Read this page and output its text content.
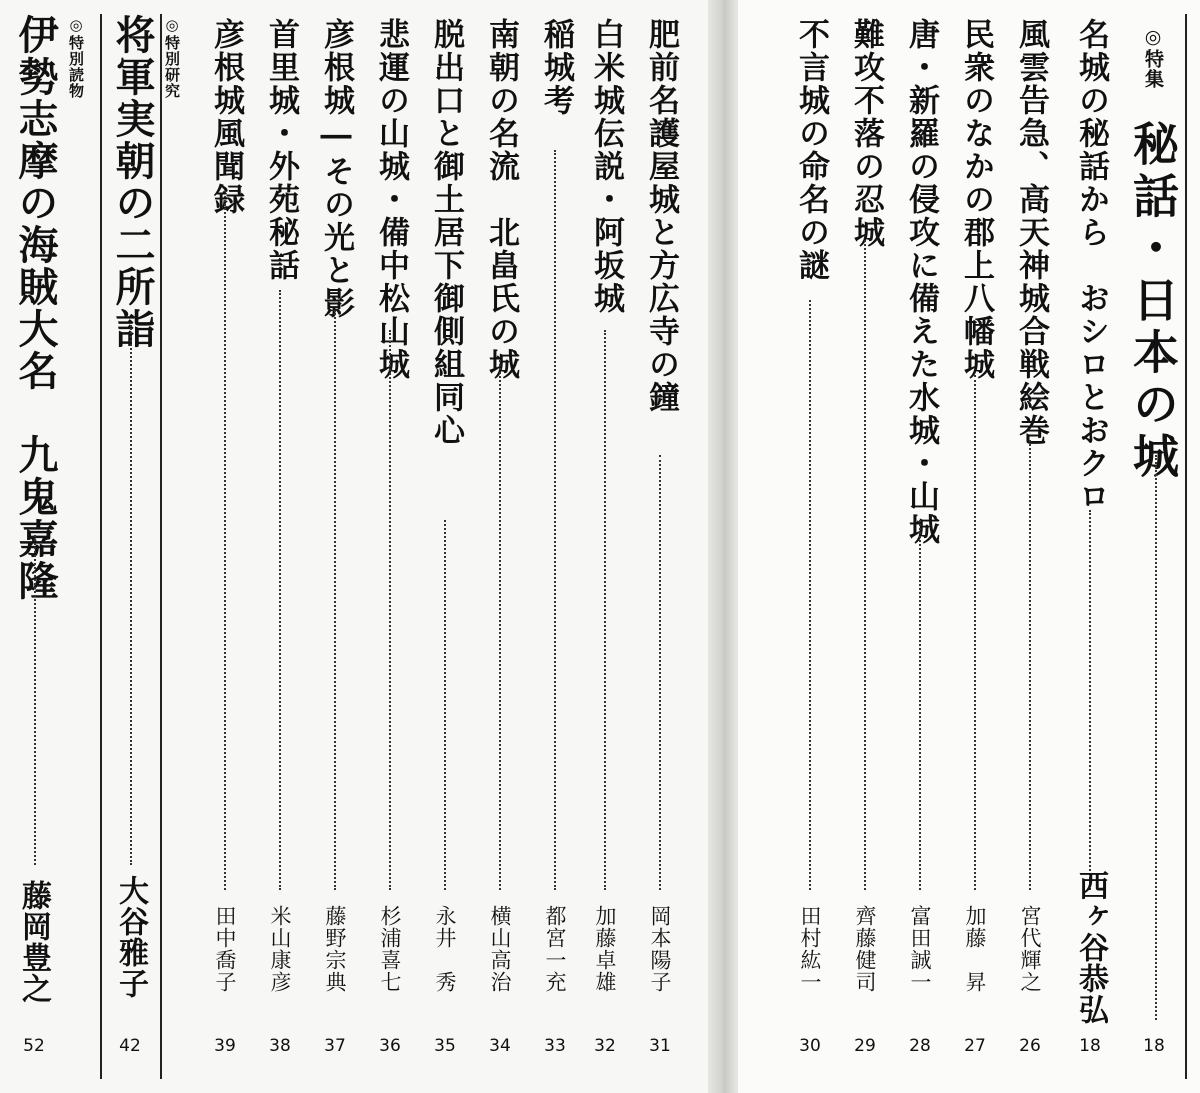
◎特集
秘話・日本の城
18
名城の秘話から　おシロとおクロ
西ヶ谷恭弘
18
風雲告急、高天神城合戦絵巻
宮代輝之
26
民衆のなかの郡上八幡城
加藤　昇
27
唐・新羅の侵攻に備えた水城・山城
富田誠一
28
難攻不落の忍城
齊藤健司
29
不言城の命名の謎
田村紘一
30
肥前名護屋城と方広寺の鐘
岡本陽子
31
白米城伝説・阿坂城
加藤卓雄
32
稲城考
都宮一充
33
南朝の名流　北畠氏の城
横山高治
34
脱出口と御土居下御側組同心
永井　秀
35
悲運の山城・備中松山城
杉浦喜七
36
彦根城―その光と影
藤野宗典
37
首里城・外苑秘話
米山康彦
38
彦根城風聞録
田中喬子
39
◎特別研究
将軍実朝の二所詣
大谷雅子
42
◎特別読物
伊勢志摩の海賊大名　九鬼嘉隆
藤岡豊之
52
